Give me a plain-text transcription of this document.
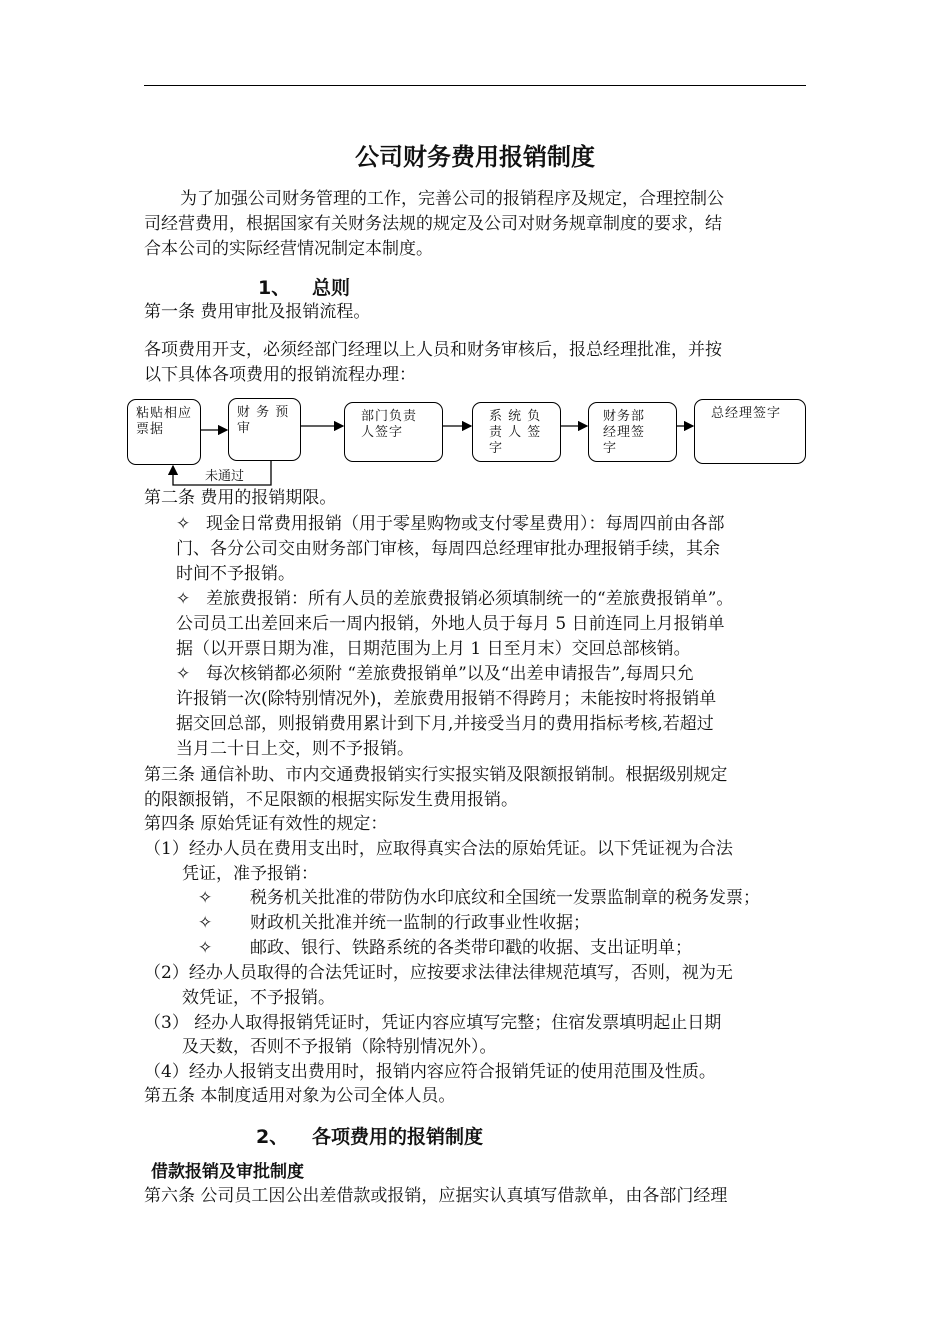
公司财务费用报销制度
为了加强公司财务管理的工作，完善公司的报销程序及规定，合理控制公
司经营费用，根据国家有关财务法规的规定及公司对财务规章制度的要求，结
合本公司的实际经营情况制定本制度。
1、 总则
第一条 费用审批及报销流程。
各项费用开支，必须经部门经理以上人员和财务审核后，报总经理批准，并按
以下具体各项费用的报销流程办理：
粘贴相应票据
财 务 预 审
部门负责人签字
系 统 负 责 人 签 字
财务部经理签字
总经理签字
未通过
第二条 费用的报销期限。
✧ 现金日常费用报销（用于零星购物或支付零星费用）：每周四前由各部
门、各分公司交由财务部门审核，每周四总经理审批办理报销手续，其余
时间不予报销。
✧ 差旅费报销：所有人员的差旅费报销必须填制统一的“差旅费报销单”。
公司员工出差回来后一周内报销，外地人员于每月 5 日前连同上月报销单
据（以开票日期为准，日期范围为上月 1 日至月末）交回总部核销。
✧ 每次核销都必须附 “差旅费报销单”以及“出差申请报告”,每周只允
许报销一次(除特别情况外)，差旅费用报销不得跨月；未能按时将报销单
据交回总部，则报销费用累计到下月,并接受当月的费用指标考核,若超过
当月二十日上交，则不予报销。
第三条 通信补助、市内交通费报销实行实报实销及限额报销制。根据级别规定
的限额报销，不足限额的根据实际发生费用报销。
第四条 原始凭证有效性的规定：
（1）经办人员在费用支出时，应取得真实合法的原始凭证。以下凭证视为合法
凭证，准予报销：
✧ 税务机关批准的带防伪水印底纹和全国统一发票监制章的税务发票；
✧ 财政机关批准并统一监制的行政事业性收据；
✧ 邮政、银行、铁路系统的各类带印戳的收据、支出证明单；
（2）经办人员取得的合法凭证时，应按要求法律法律规范填写，否则，视为无
效凭证，不予报销。
（3） 经办人取得报销凭证时，凭证内容应填写完整；住宿发票填明起止日期
及天数，否则不予报销（除特别情况外）。
（4）经办人报销支出费用时，报销内容应符合报销凭证的使用范围及性质。
第五条 本制度适用对象为公司全体人员。
2、 各项费用的报销制度
借款报销及审批制度
第六条 公司员工因公出差借款或报销，应据实认真填写借款单，由各部门经理
